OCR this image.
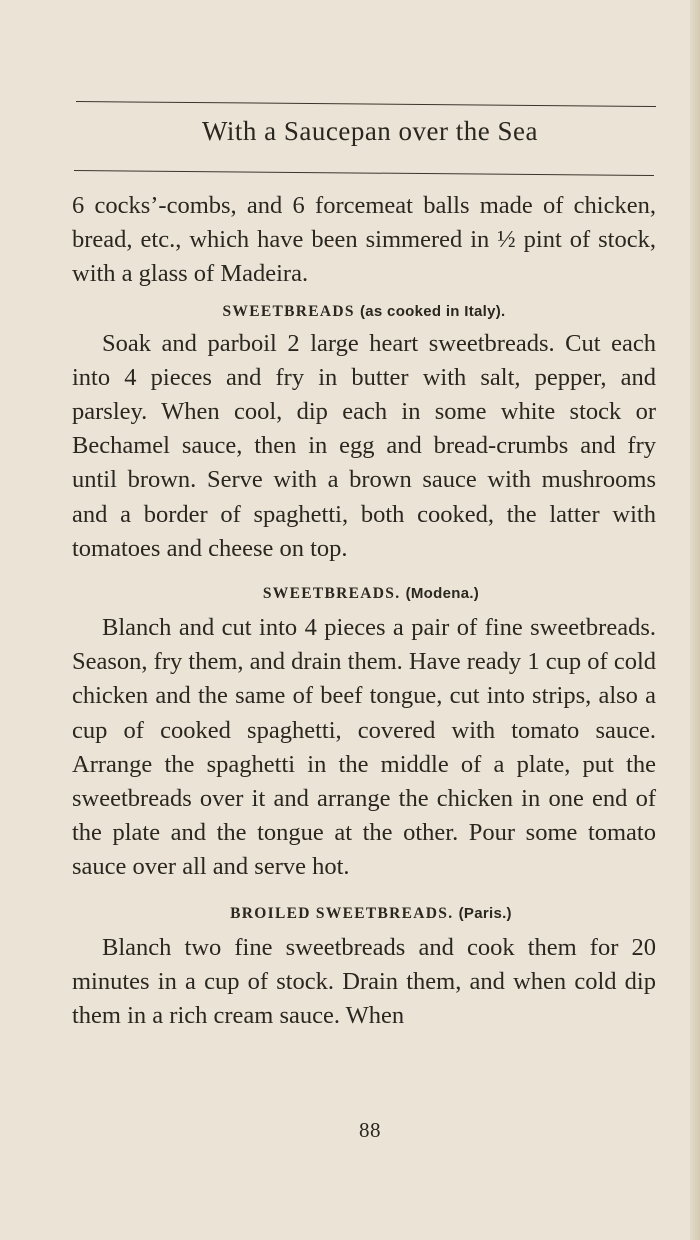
With a Saucepan over the Sea

6 cocks’-combs, and 6 forcemeat balls made of chicken, bread, etc., which have been simmered in ½ pint of stock, with a glass of Madeira.

SWEETBREADS (as cooked in Italy).

Soak and parboil 2 large heart sweetbreads. Cut each into 4 pieces and fry in butter with salt, pepper, and parsley. When cool, dip each in some white stock or Bechamel sauce, then in egg and bread-crumbs and fry until brown. Serve with a brown sauce with mushrooms and a border of spaghetti, both cooked, the latter with tomatoes and cheese on top.

SWEETBREADS. (Modena.)

Blanch and cut into 4 pieces a pair of fine sweetbreads. Season, fry them, and drain them. Have ready 1 cup of cold chicken and the same of beef tongue, cut into strips, also a cup of cooked spaghetti, covered with tomato sauce. Arrange the spaghetti in the middle of a plate, put the sweetbreads over it and arrange the chicken in one end of the plate and the tongue at the other. Pour some tomato sauce over all and serve hot.

BROILED SWEETBREADS. (Paris.)

Blanch two fine sweetbreads and cook them for 20 minutes in a cup of stock. Drain them, and when cold dip them in a rich cream sauce. When

88
